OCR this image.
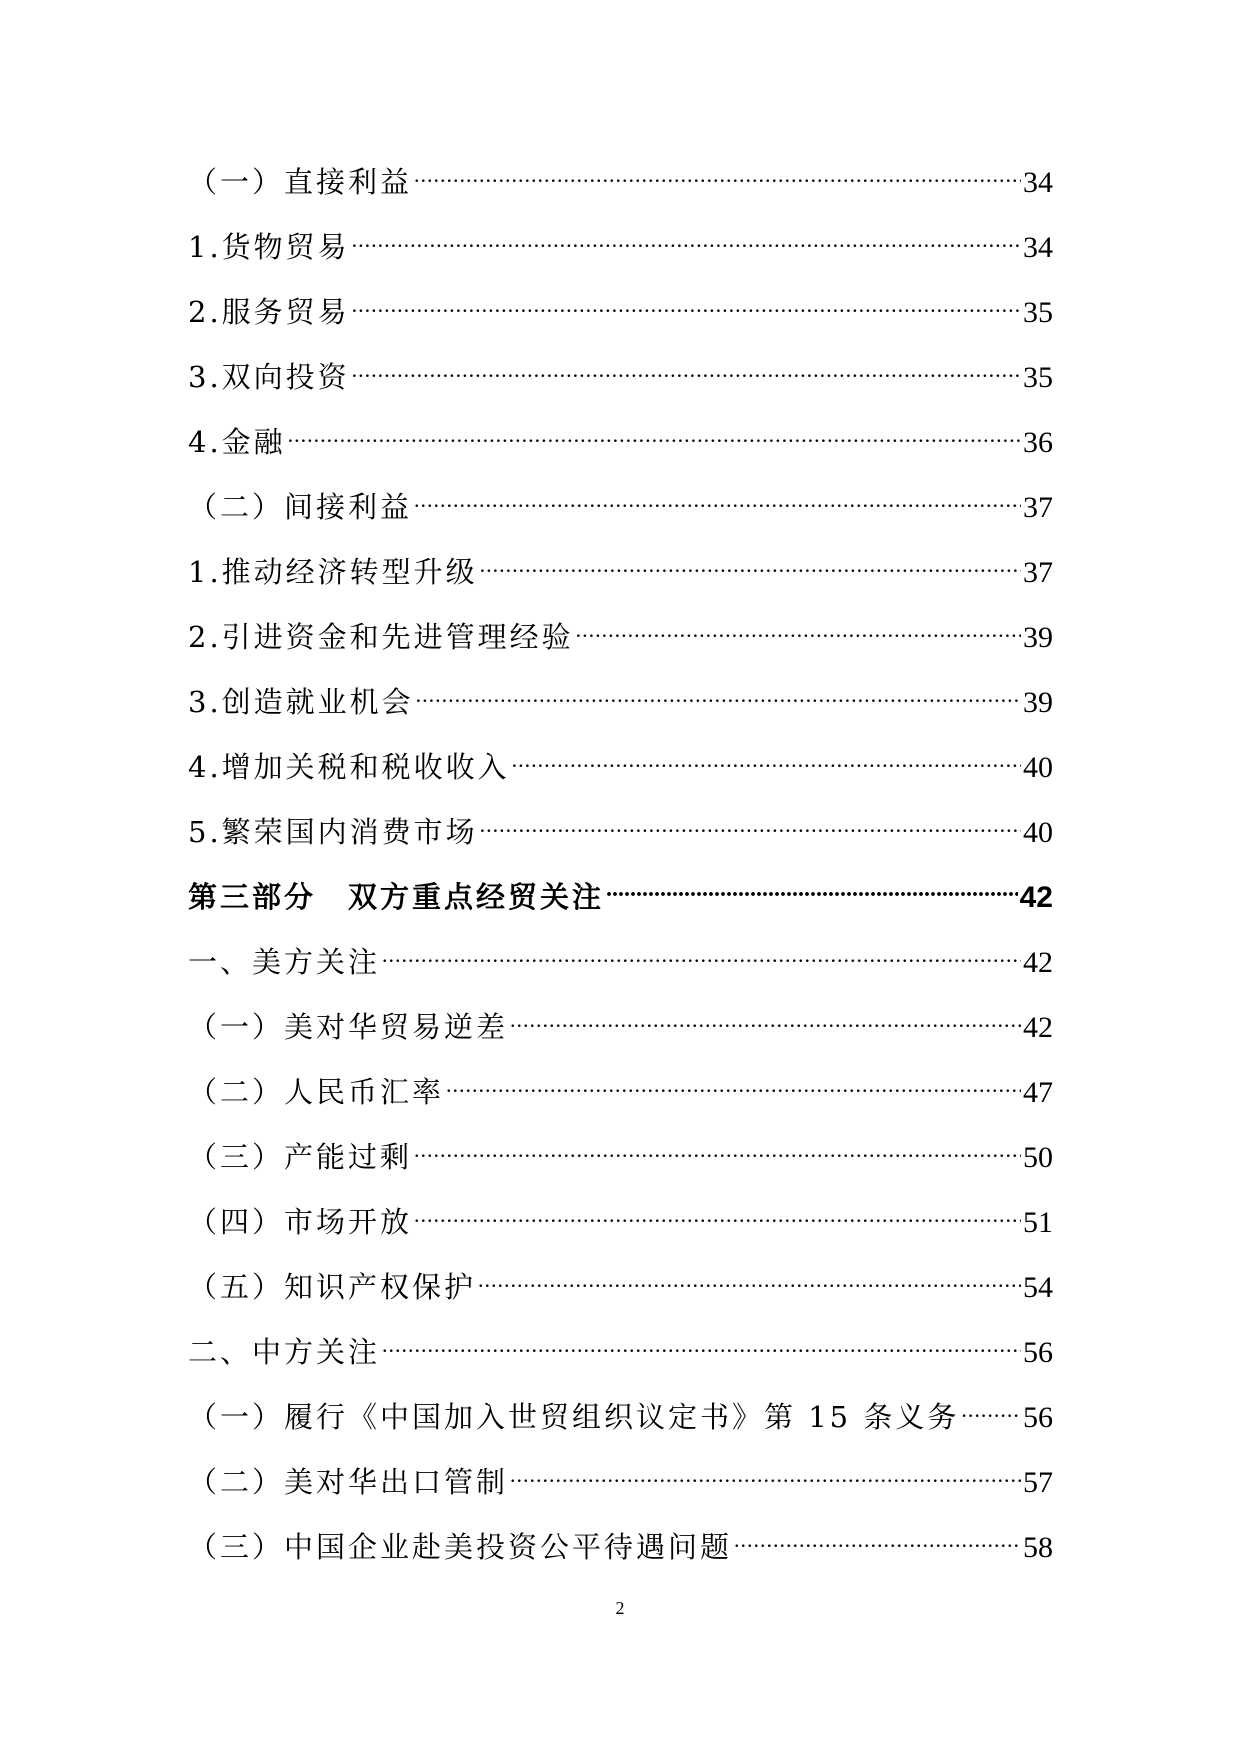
（一）直接利益 .....	34
1.货物贸易 .....	34
2.服务贸易 .....	35
3.双向投资 .....	35
4.金融 .....	36
（二）间接利益 .....	37
1.推动经济转型升级 .....	37
2.引进资金和先进管理经验 .....	39
3.创造就业机会 .....	39
4.增加关税和税收收入 .....	40
5.繁荣国内消费市场 .....	40
第三部分　双方重点经贸关注 .....	42
一、美方关注 .....	42
（一）美对华贸易逆差 .....	42
（二）人民币汇率 .....	47
（三）产能过剩 .....	50
（四）市场开放 .....	51
（五）知识产权保护 .....	54
二、中方关注 .....	56
（一）履行《中国加入世贸组织议定书》第 15 条义务 ..... 56
（二）美对华出口管制 .....	57
（三）中国企业赴美投资公平待遇问题 .....	58
2
